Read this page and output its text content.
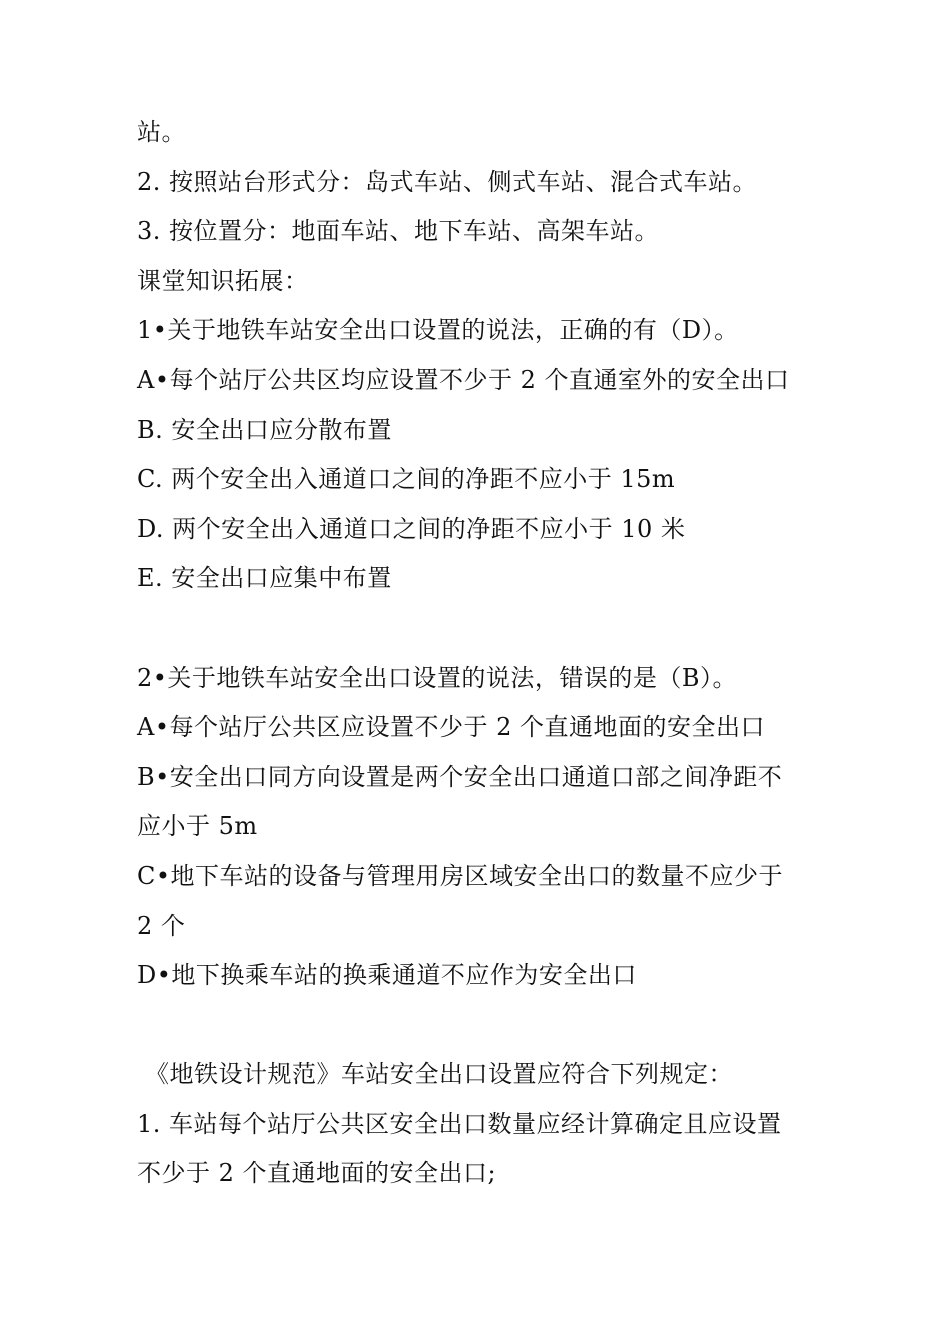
站。
2. 按照站台形式分：岛式车站、侧式车站、混合式车站。
3. 按位置分：地面车站、地下车站、高架车站。
课堂知识拓展：
1•关于地铁车站安全出口设置的说法，正确的有（D）。
A•每个站厅公共区均应设置不少于 2 个直通室外的安全出口
B. 安全出口应分散布置
C. 两个安全出入通道口之间的净距不应小于 15m
D. 两个安全出入通道口之间的净距不应小于 10 米
E. 安全出口应集中布置
2•关于地铁车站安全出口设置的说法，错误的是（B）。
A•每个站厅公共区应设置不少于 2 个直通地面的安全出口
B•安全出口同方向设置是两个安全出口通道口部之间净距不
应小于 5m
C•地下车站的设备与管理用房区域安全出口的数量不应少于
2 个
D•地下换乘车站的换乘通道不应作为安全出口
《地铁设计规范》车站安全出口设置应符合下列规定：
1. 车站每个站厅公共区安全出口数量应经计算确定且应设置
不少于 2 个直通地面的安全出口;
